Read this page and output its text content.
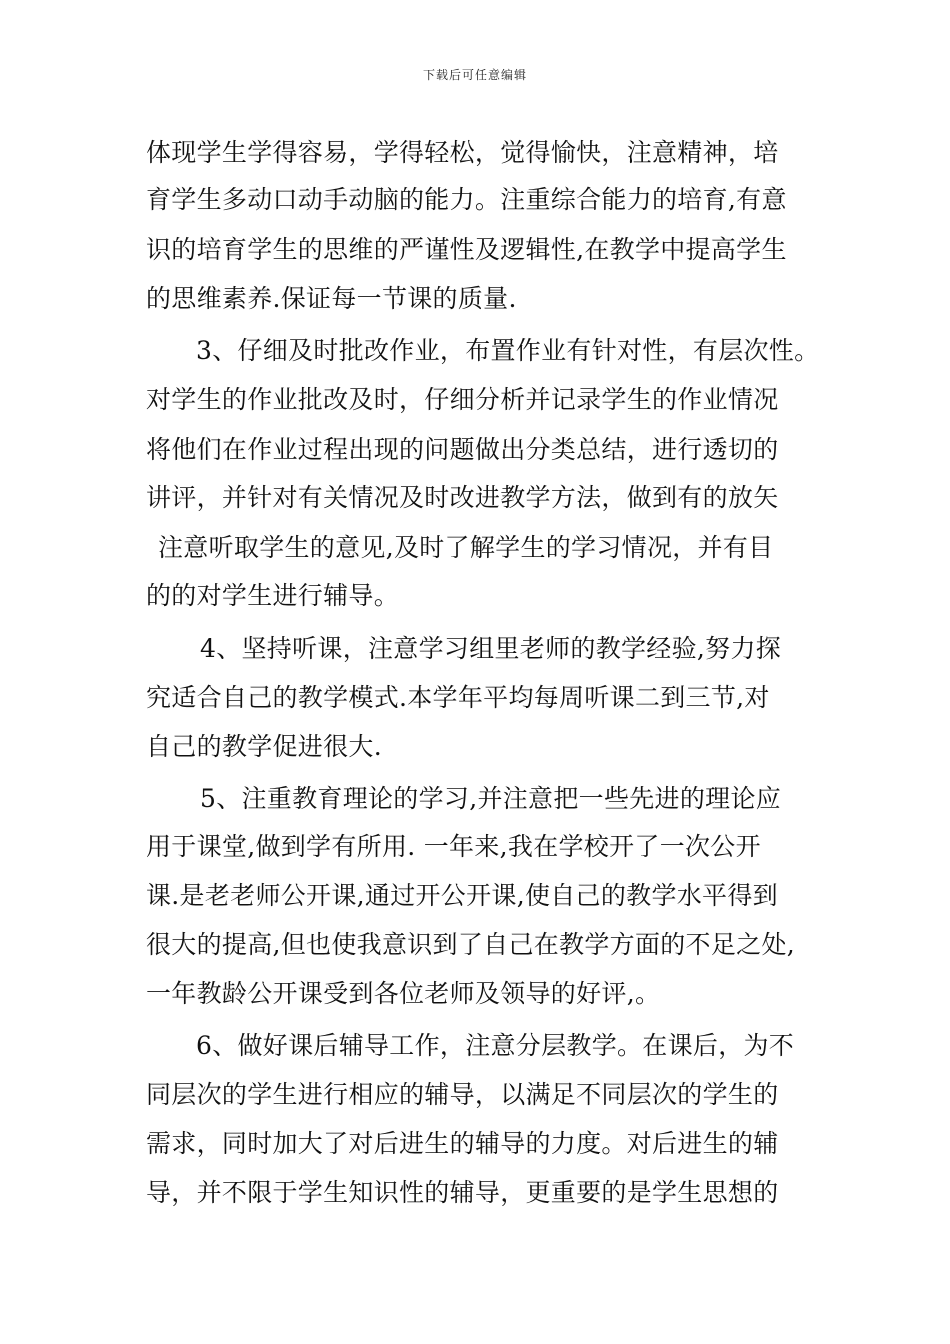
下载后可任意编辑
体现学生学得容易，学得轻松，觉得愉快，注意精神，培
育学生多动口动手动脑的能力。注重综合能力的培育,有意
识的培育学生的思维的严谨性及逻辑性,在教学中提高学生
的思维素养.保证每一节课的质量.
3、仔细及时批改作业，布置作业有针对性，有层次性。
对学生的作业批改及时，仔细分析并记录学生的作业情况
将他们在作业过程出现的问题做出分类总结，进行透切的
讲评，并针对有关情况及时改进教学方法，做到有的放矢
注意听取学生的意见,及时了解学生的学习情况，并有目
的的对学生进行辅导。
4、坚持听课，注意学习组里老师的教学经验,努力探
究适合自己的教学模式.本学年平均每周听课二到三节,对
自己的教学促进很大.
5、注重教育理论的学习,并注意把一些先进的理论应
用于课堂,做到学有所用. 一年来,我在学校开了一次公开
课.是老老师公开课,通过开公开课,使自己的教学水平得到
很大的提高,但也使我意识到了自己在教学方面的不足之处,
一年教龄公开课受到各位老师及领导的好评,。
6、做好课后辅导工作，注意分层教学。在课后，为不
同层次的学生进行相应的辅导，以满足不同层次的学生的
需求，同时加大了对后进生的辅导的力度。对后进生的辅
导，并不限于学生知识性的辅导，更重要的是学生思想的
